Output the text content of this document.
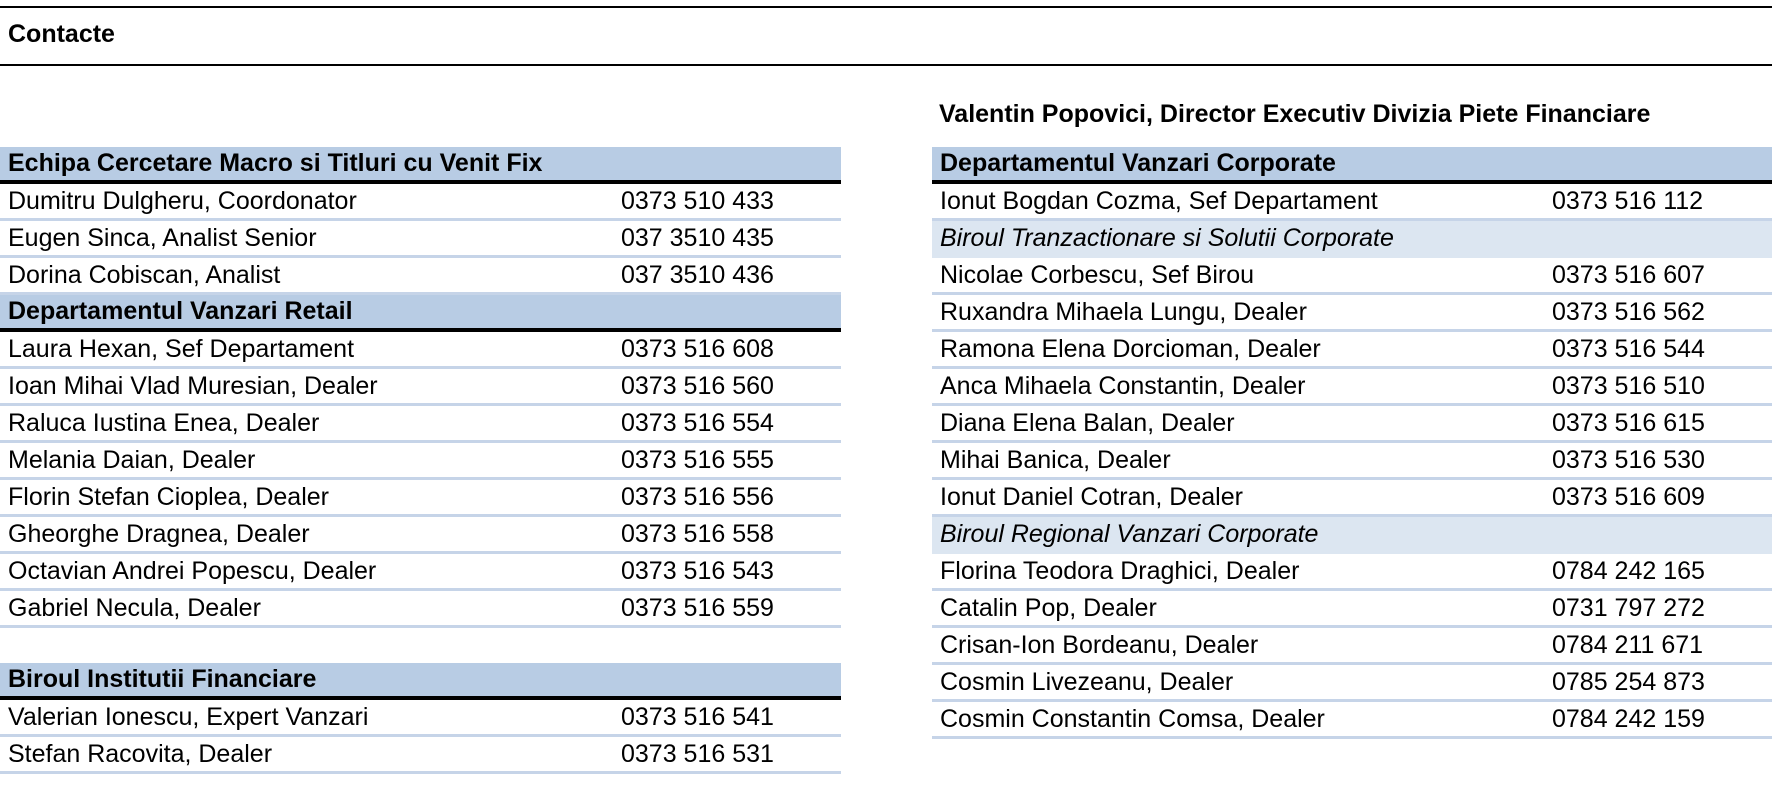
Contacte
Valentin Popovici, Director Executiv Divizia Piete Financiare
Echipa Cercetare Macro si Titluri cu Venit Fix
Dumitru Dulgheru, Coordonator	0373 510 433
Eugen Sinca, Analist Senior	037 3510 435
Dorina Cobiscan, Analist	037 3510 436
Departamentul Vanzari Retail
Laura Hexan, Sef Departament	0373 516 608
Ioan Mihai Vlad Muresian, Dealer	0373 516 560
Raluca Iustina Enea, Dealer	0373 516 554
Melania Daian, Dealer	0373 516 555
Florin Stefan Cioplea, Dealer	0373 516 556
Gheorghe Dragnea, Dealer	0373 516 558
Octavian Andrei Popescu, Dealer	0373 516 543
Gabriel Necula, Dealer	0373 516 559
Biroul Institutii Financiare
Valerian Ionescu, Expert Vanzari	0373 516 541
Stefan Racovita, Dealer	0373 516 531
Departamentul Vanzari Corporate
Ionut Bogdan Cozma, Sef Departament	0373 516 112
Biroul Tranzactionare si Solutii Corporate
Nicolae Corbescu, Sef Birou	0373 516 607
Ruxandra Mihaela Lungu, Dealer	0373 516 562
Ramona Elena Dorcioman, Dealer	0373 516 544
Anca Mihaela Constantin, Dealer	0373 516 510
Diana Elena Balan, Dealer	0373 516 615
Mihai Banica, Dealer	0373 516 530
Ionut Daniel Cotran, Dealer	0373 516 609
Biroul Regional Vanzari Corporate
Florina Teodora Draghici, Dealer	0784 242 165
Catalin Pop, Dealer	0731 797 272
Crisan-Ion Bordeanu, Dealer	0784 211 671
Cosmin Livezeanu, Dealer	0785 254 873
Cosmin Constantin Comsa, Dealer	0784 242 159
